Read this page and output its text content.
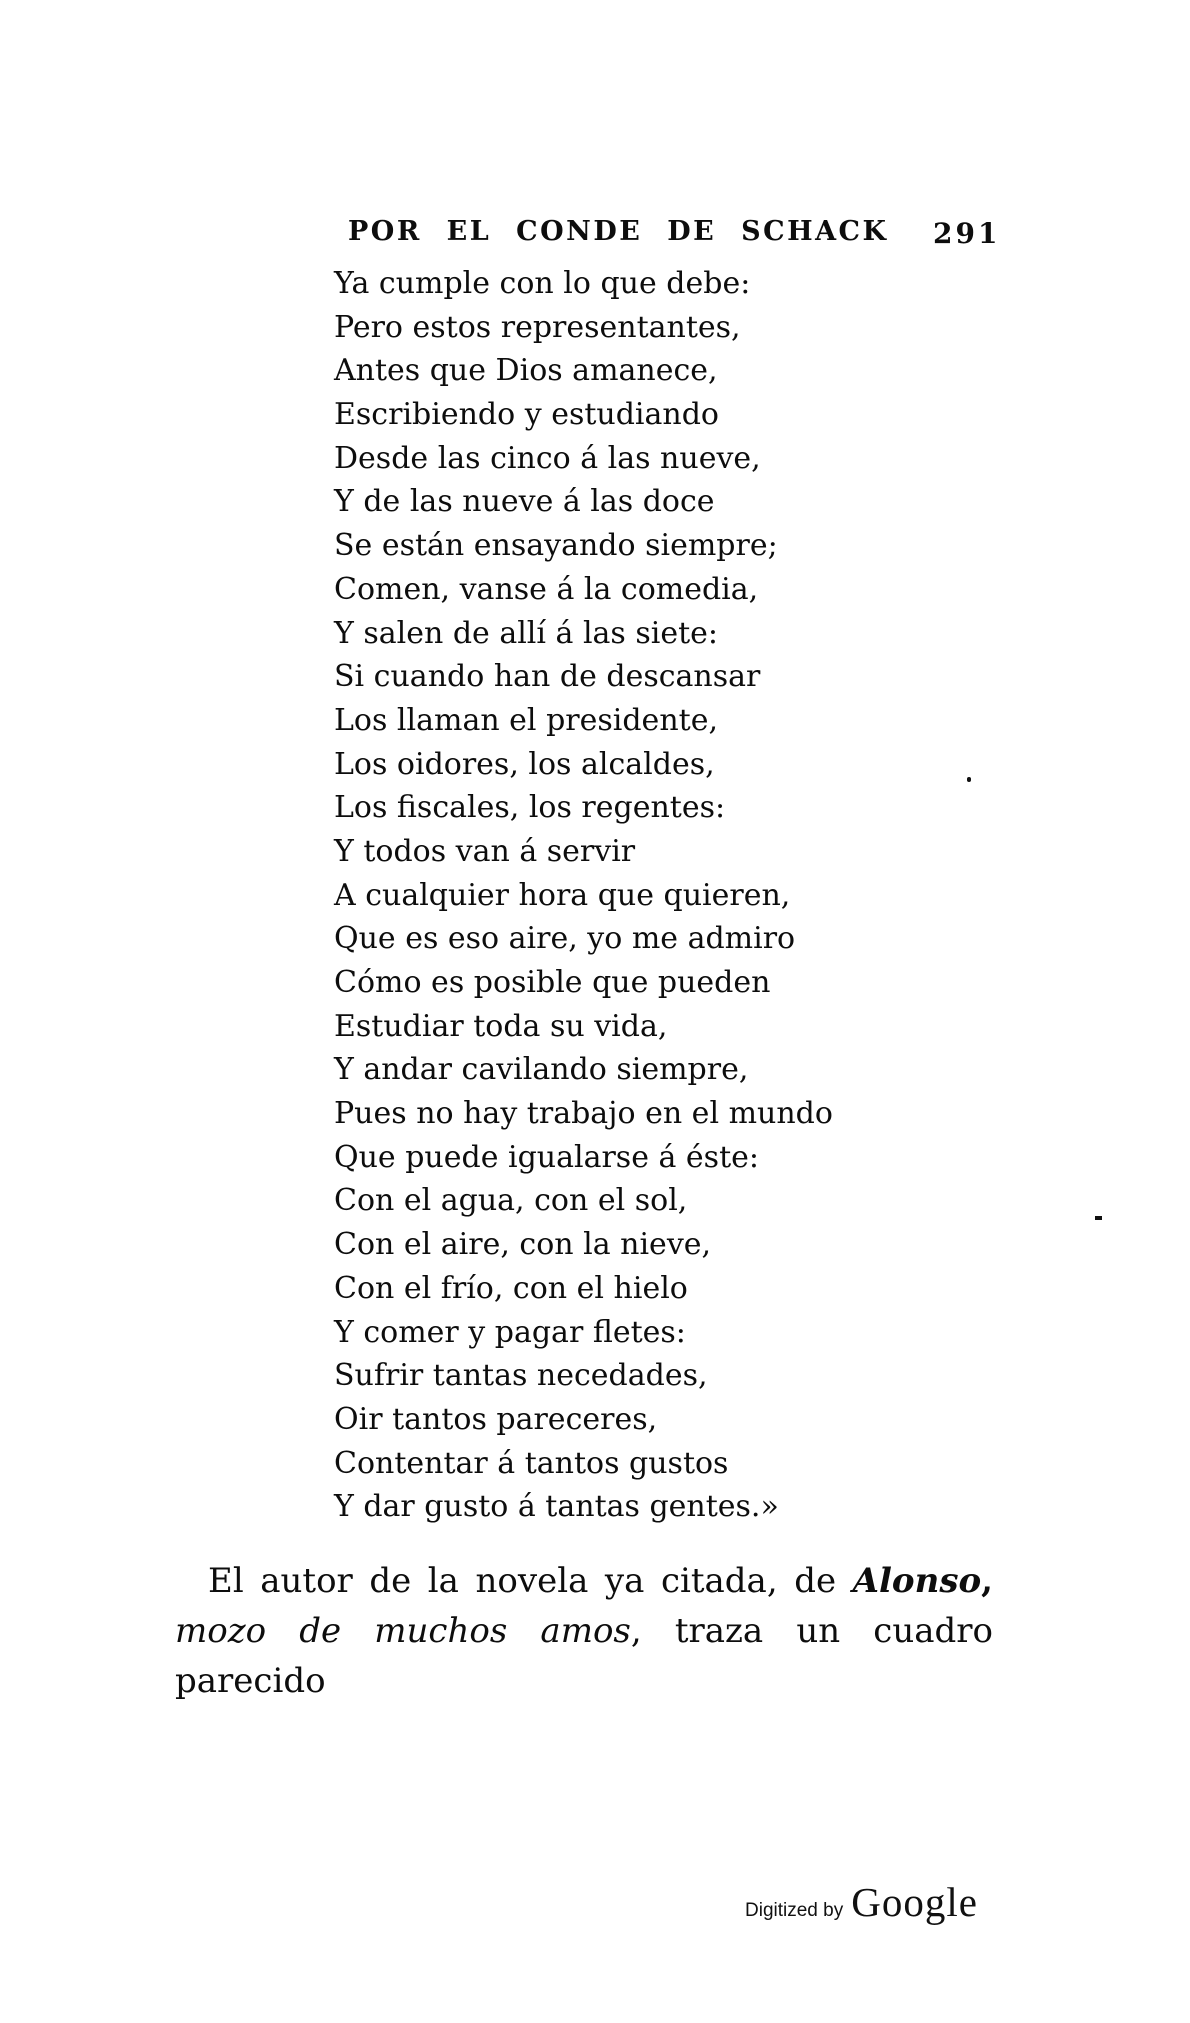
POR EL CONDE DE SCHACK 291
Ya cumple con lo que debe:
Pero estos representantes,
Antes que Dios amanece,
Escribiendo y estudiando
Desde las cinco á las nueve,
Y de las nueve á las doce
Se están ensayando siempre;
Comen, vanse á la comedia,
Y salen de allí á las siete:
Si cuando han de descansar
Los llaman el presidente,
Los oidores, los alcaldes,
Los fiscales, los regentes:
Y todos van á servir
A cualquier hora que quieren,
Que es eso aire, yo me admiro
Cómo es posible que pueden
Estudiar toda su vida,
Y andar cavilando siempre,
Pues no hay trabajo en el mundo
Que puede igualarse á éste:
Con el agua, con el sol,
Con el aire, con la nieve,
Con el frío, con el hielo
Y comer y pagar fletes:
Sufrir tantas necedades,
Oir tantos pareceres,
Contentar á tantos gustos
Y dar gusto á tantas gentes.»
El autor de la novela ya citada, de Alonso,
mozo de muchos amos, traza un cuadro parecido
Digitized by Google
